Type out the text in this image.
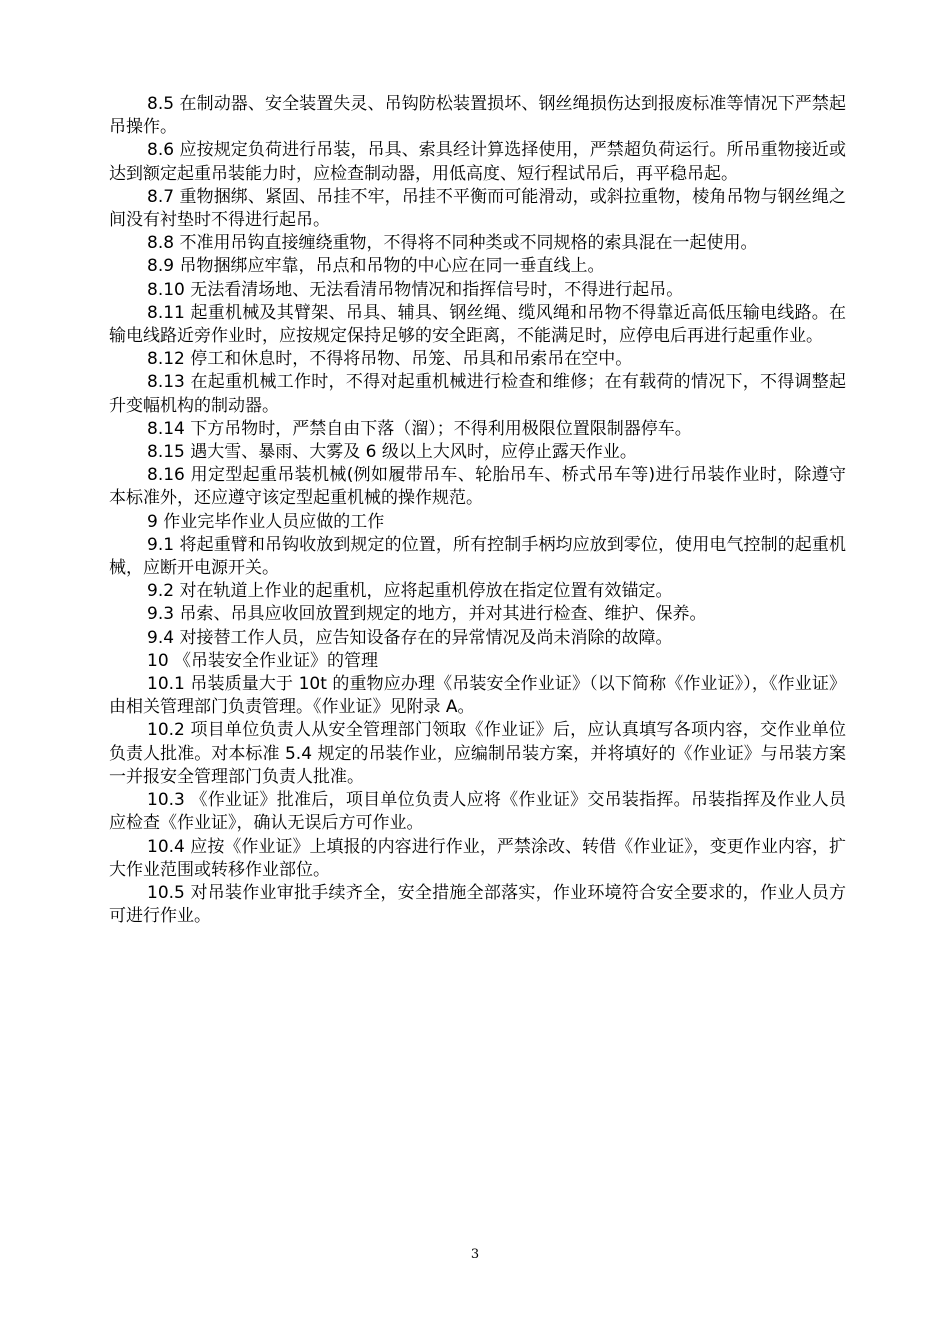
8.5 在制动器、安全装置失灵、吊钩防松装置损坏、钢丝绳损伤达到报废标准等情况下严禁起吊操作。

8.6 应按规定负荷进行吊装，吊具、索具经计算选择使用，严禁超负荷运行。所吊重物接近或达到额定起重吊装能力时，应检查制动器，用低高度、短行程试吊后，再平稳吊起。

8.7 重物捆绑、紧固、吊挂不牢，吊挂不平衡而可能滑动，或斜拉重物，棱角吊物与钢丝绳之间没有衬垫时不得进行起吊。

8.8 不准用吊钩直接缠绕重物，不得将不同种类或不同规格的索具混在一起使用。

8.9 吊物捆绑应牢靠，吊点和吊物的中心应在同一垂直线上。

8.10 无法看清场地、无法看清吊物情况和指挥信号时，不得进行起吊。

8.11 起重机械及其臂架、吊具、辅具、钢丝绳、缆风绳和吊物不得靠近高低压输电线路。在输电线路近旁作业时，应按规定保持足够的安全距离，不能满足时，应停电后再进行起重作业。

8.12 停工和休息时，不得将吊物、吊笼、吊具和吊索吊在空中。

8.13 在起重机械工作时，不得对起重机械进行检查和维修；在有载荷的情况下，不得调整起升变幅机构的制动器。

8.14 下方吊物时，严禁自由下落（溜）；不得利用极限位置限制器停车。

8.15 遇大雪、暴雨、大雾及 6 级以上大风时，应停止露天作业。

8.16 用定型起重吊装机械(例如履带吊车、轮胎吊车、桥式吊车等)进行吊装作业时，除遵守本标准外，还应遵守该定型起重机械的操作规范。

9 作业完毕作业人员应做的工作

9.1 将起重臂和吊钩收放到规定的位置，所有控制手柄均应放到零位，使用电气控制的起重机械，应断开电源开关。

9.2 对在轨道上作业的起重机，应将起重机停放在指定位置有效锚定。

9.3 吊索、吊具应收回放置到规定的地方，并对其进行检查、维护、保养。

9.4 对接替工作人员，应告知设备存在的异常情况及尚未消除的故障。

10 《吊装安全作业证》的管理

10.1 吊装质量大于 10t 的重物应办理《吊装安全作业证》（以下简称《作业证》），《作业证》由相关管理部门负责管理。《作业证》见附录 A。

10.2 项目单位负责人从安全管理部门领取《作业证》后，应认真填写各项内容，交作业单位负责人批准。对本标准 5.4 规定的吊装作业，应编制吊装方案，并将填好的《作业证》与吊装方案一并报安全管理部门负责人批准。

10.3 《作业证》批准后，项目单位负责人应将《作业证》交吊装指挥。吊装指挥及作业人员应检查《作业证》，确认无误后方可作业。

10.4 应按《作业证》上填报的内容进行作业，严禁涂改、转借《作业证》，变更作业内容，扩大作业范围或转移作业部位。

10.5 对吊装作业审批手续齐全，安全措施全部落实，作业环境符合安全要求的，作业人员方可进行作业。

3
